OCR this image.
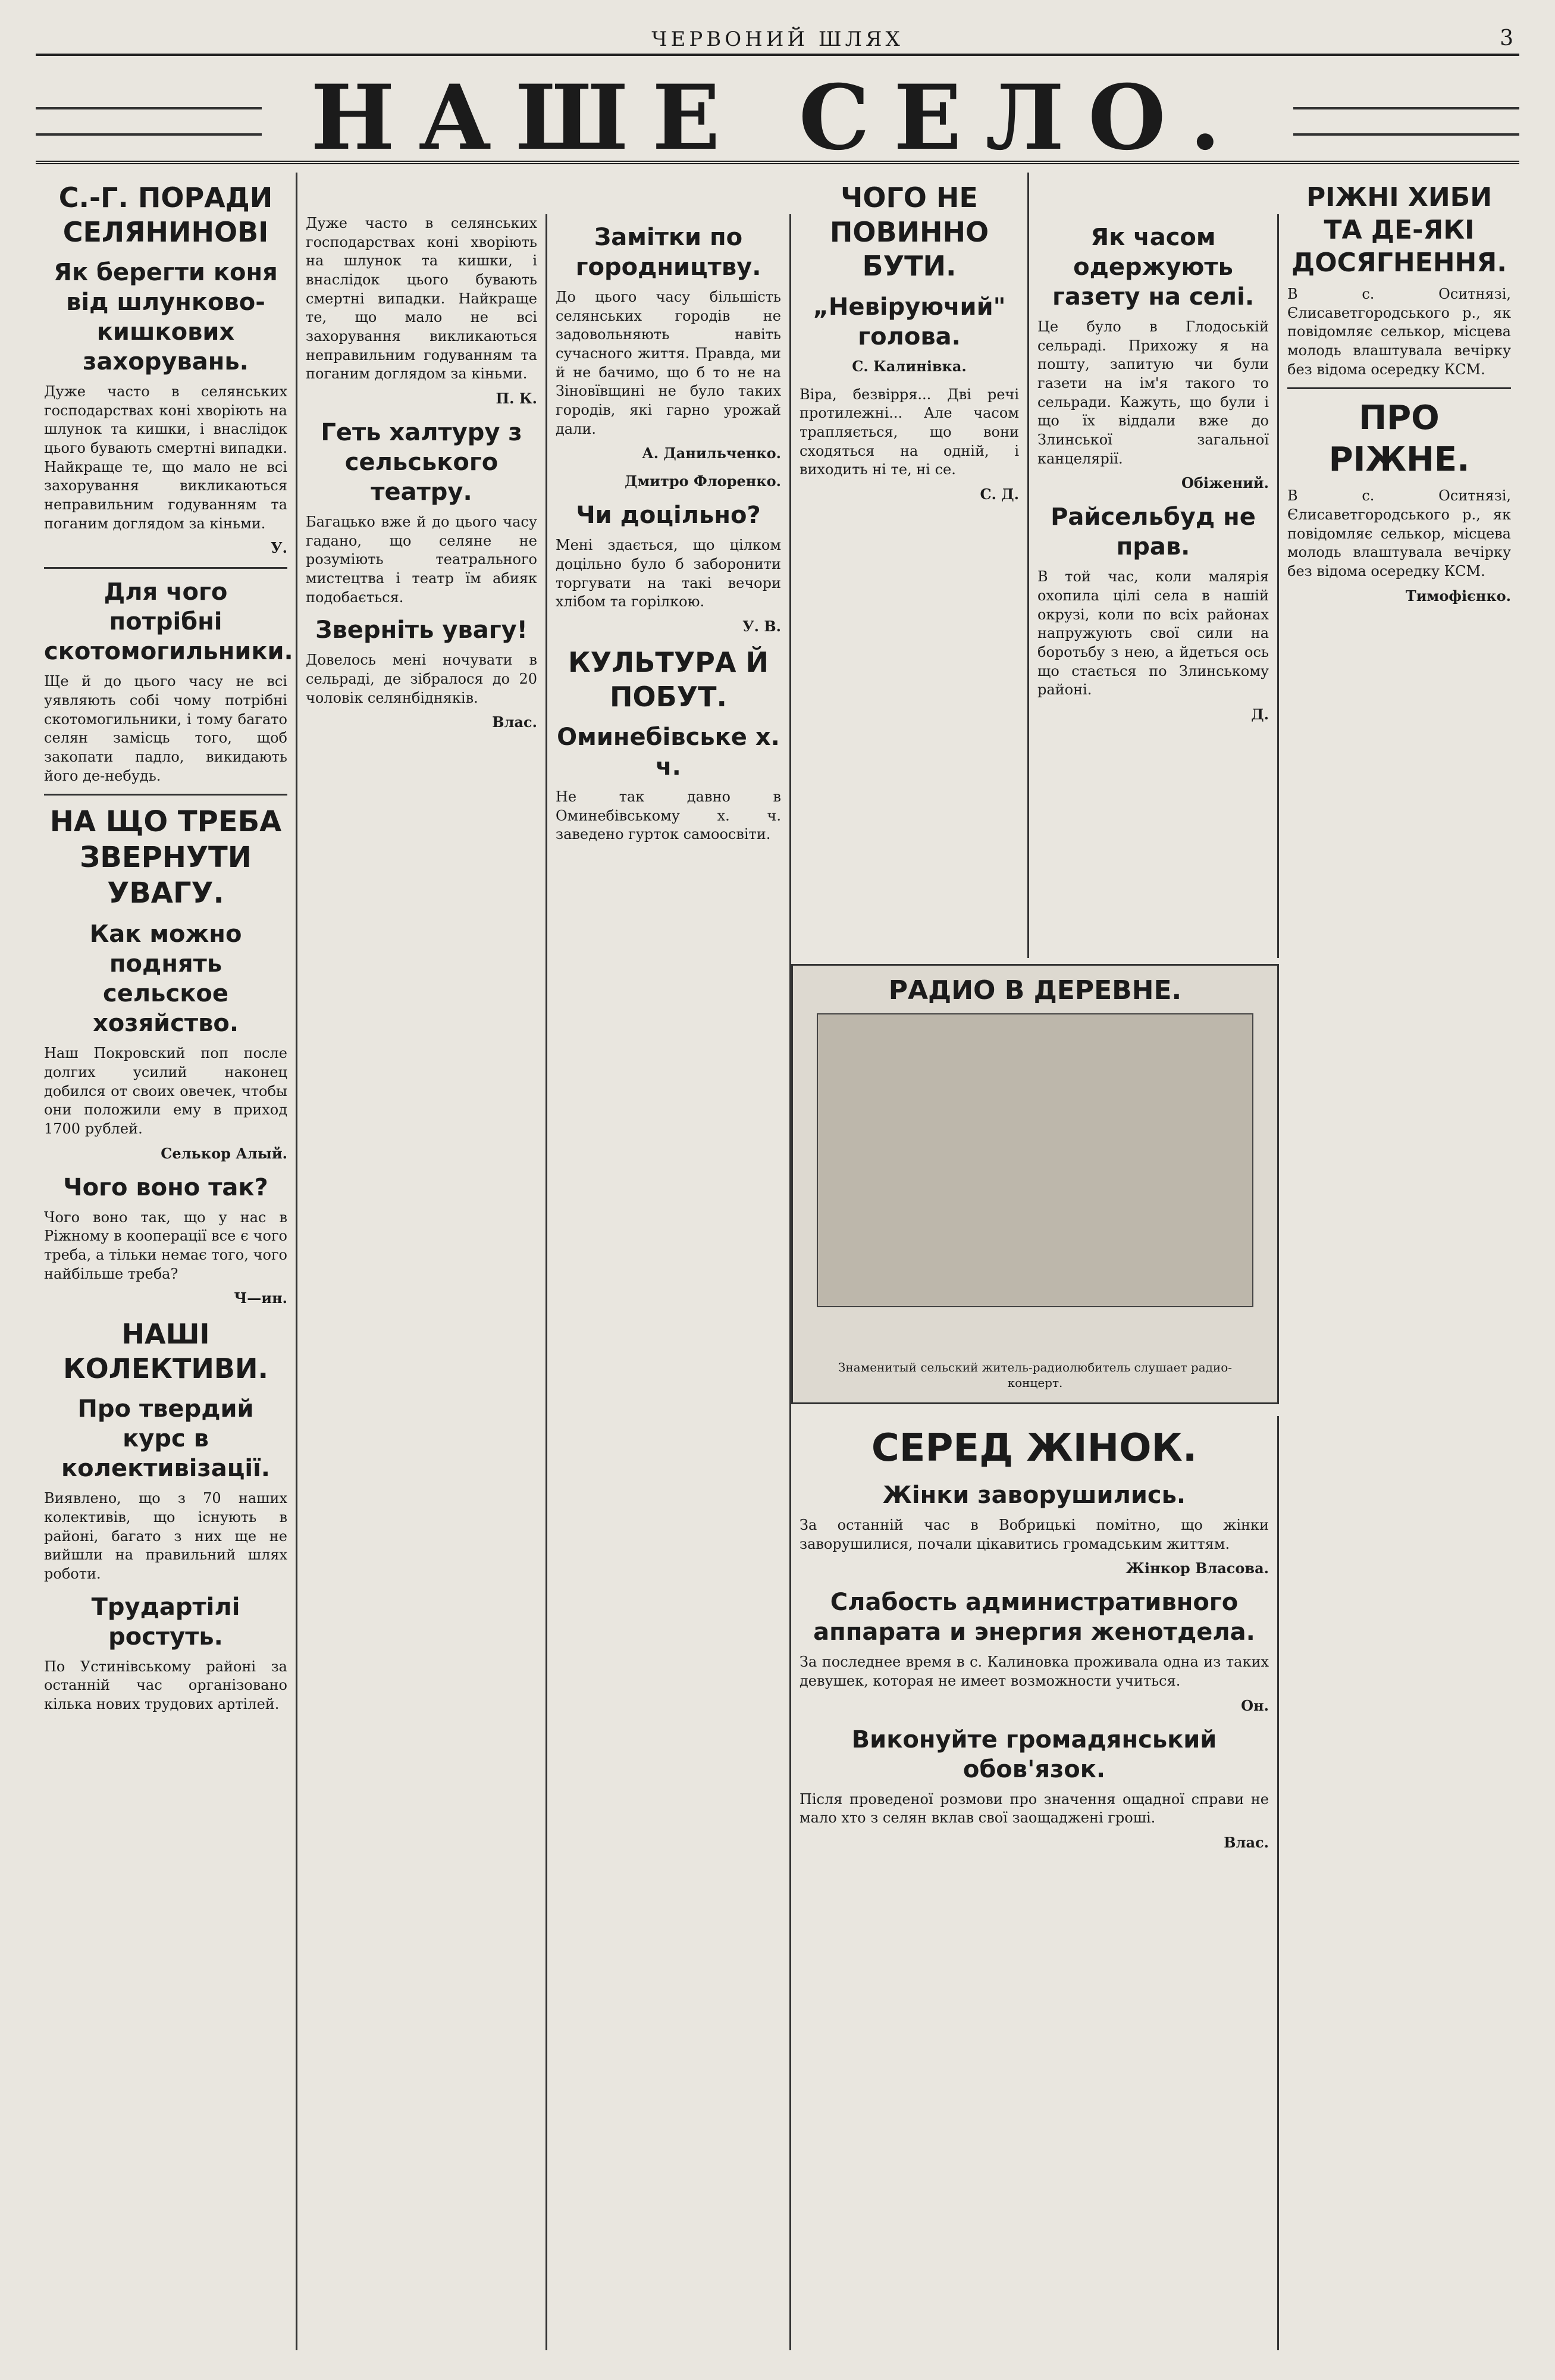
ЧЕРВОНИЙ ШЛЯХ	3
НАШЕ СЕЛО.
С.-Г. ПОРАДИ СЕЛЯНИНОВІ
Як берегти коня від шлунково-кишкових захорувань.

Дуже часто в селянських господарствах коні хворіють на шлунок та кишки, і внаслідок цього бувають смертні випадки. Найкраще те, що мало не всі захорування викликаються неправильним годуванням та поганим доглядом за кіньми.

У.
Для чого потрібні скотомогильники.

Ще й до цього часу не всі уявляють собі чому потрібні скотомогильники, і тому багато селян замісць того, щоб закопати падло, викидають його де-небудь.

НА ЩО ТРЕБА ЗВЕРНУТИ УВАГУ.
Как можно поднять сельское хозяйство.

Наш Покровский поп после долгих усилий наконец добился от своих овечек, чтобы они положили ему в приход 1700 рублей.

Селькор Алый.
Чого воно так?

Чого воно так, що у нас в Ріжному в кооперації все є чого треба, а тільки немає того, чого найбільше треба?

Ч—ин.
НАШІ КОЛЕКТИВИ.
Про твердий курс в колективізації.

Виявлено, що з 70 наших колективів, що існують в районі, багато з них ще не вийшли на правильний шлях роботи.

Трудартілі ростуть.

По Устинівському районі за останній час організовано кілька нових трудових артілей.

Дуже часто в селянських господарствах коні хворіють на шлунок та кишки, і внаслідок цього бувають смертні випадки. Найкраще те, що мало не всі захорування викликаються неправильним годуванням та поганим доглядом за кіньми.

П. К.
Геть халтуру з сельського театру.

Багацько вже й до цього часу гадано, що селяне не розуміють театрального мистецтва і театр їм абияк подобається.

Зверніть увагу!

Довелось мені ночувати в сельраді, де зібралося до 20 чоловік селянбідняків.

Влас.
Замітки по городництву.

До цього часу більшість селянських городів не задовольняють навіть сучасного життя. Правда, ми й не бачимо, що б то не на Зіновївщині не було таких городів, які гарно урожай дали.

А. Данильченко.
Дмитро Флоренко.
Чи доцільно?

Мені здається, що цілком доцільно було б заборонити торгувати на такі вечори хлібом та горілкою.

У. В.
КУЛЬТУРА Й ПОБУТ.
Оминебівське х. ч.

Не так давно в Оминебівському х. ч. заведено гурток самоосвіти.

ЧОГО НЕ ПОВИННО БУТИ.
„Невіруючий" голова.
С. Калинівка.

Віра, безвірря... Дві речі протилежні... Але часом трапляється, що вони сходяться на одній, і виходить ні те, ні се.

С. Д.
Як часом одержують газету на селі.

Це було в Глодоській сельраді. Прихожу я на пошту, запитую чи були газети на ім'я такого то сельради. Кажуть, що були і що їх віддали вже до Злинської загальної канцелярії.

Обіжений.
Райсельбуд не прав.

В той час, коли малярія охопила цілі села в нашій окрузі, коли по всіх районах напружують свої сили на боротьбу з нею, а йдеться ось що стається по Злинському районі.

Д.
РАДИО В ДЕРЕВНЕ.
Знаменитый сельский житель-радиолюбитель слушает радио-концерт.
СЕРЕД ЖІНОК.
Жінки заворушились.

За останній час в Вобрицькі помітно, що жінки заворушилися, почали цікавитись громадським життям.

Жінкор Власова.
Слабость административного аппарата и энергия женотдела.

За последнее время в с. Калиновка проживала одна из таких девушек, которая не имеет возможности учиться.

Он.
Виконуйте громадянський обов'язок.

Після проведеної розмови про значення ощадної справи не мало хто з селян вклав свої заощаджені гроші.

Влас.
РІЖНІ ХИБИ ТА ДЕ-ЯКІ ДОСЯГНЕННЯ.

В с. Оситнязі, Єлисаветгородського р., як повідомляє селькор, місцева молодь влаштувала вечірку без відома осередку КСМ.

ПРО РІЖНЕ.

В с. Оситнязі, Єлисаветгородського р., як повідомляє селькор, місцева молодь влаштувала вечірку без відома осередку КСМ.

Тимофієнко.
